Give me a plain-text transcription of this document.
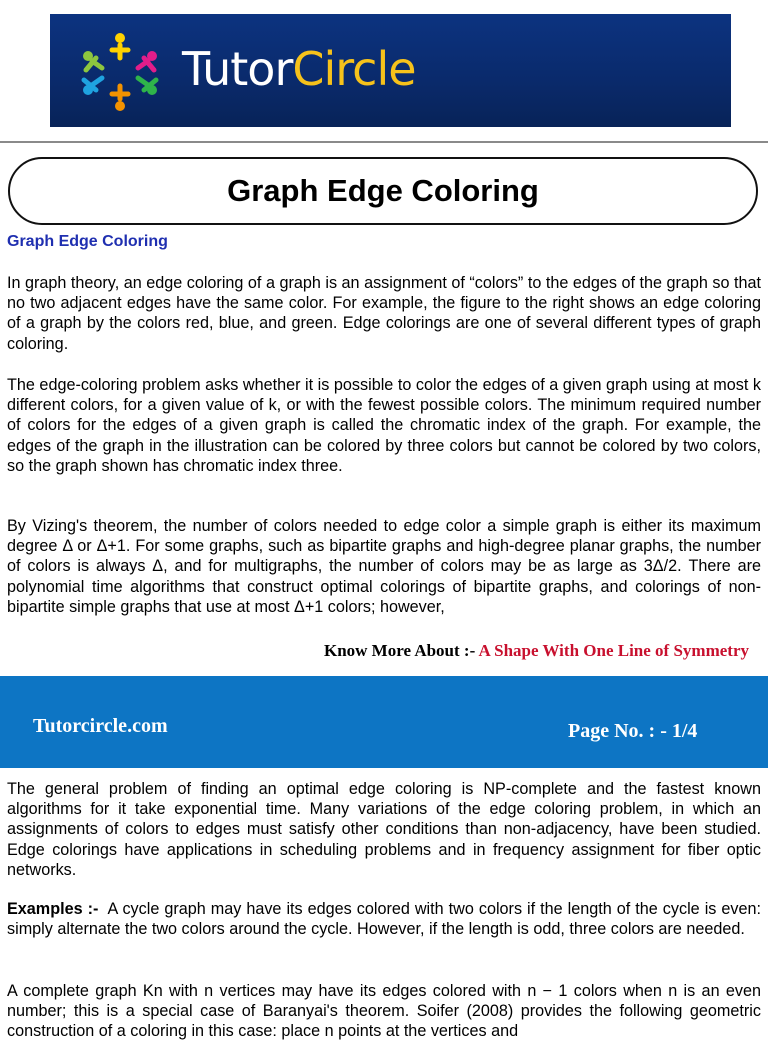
TutorCircle
Graph Edge Coloring
Graph Edge Coloring

In graph theory, an edge coloring of a graph is an assignment of “colors” to the edges of the graph so that no two adjacent edges have the same color. For example, the figure to the right shows an edge coloring of a graph by the colors red, blue, and green. Edge colorings are one of several different types of graph coloring.

The edge-coloring problem asks whether it is possible to color the edges of a given graph using at most k different colors, for a given value of k, or with the fewest possible colors. The minimum required number of colors for the edges of a given graph is called the chromatic index of the graph. For example, the edges of the graph in the illustration can be colored by three colors but cannot be colored by two colors, so the graph shown has chromatic index three.

By Vizing's theorem, the number of colors needed to edge color a simple graph is either its maximum degree Δ or Δ+1. For some graphs, such as bipartite graphs and high-degree planar graphs, the number of colors is always Δ, and for multigraphs, the number of colors may be as large as 3Δ/2. There are polynomial time algorithms that construct optimal colorings of bipartite graphs, and colorings of non-bipartite simple graphs that use at most Δ+1 colors; however,

Know More About :- A Shape With One Line of Symmetry
Tutorcircle.com	Page No. : - 1/4

The general problem of finding an optimal edge coloring is NP-complete and the fastest known algorithms for it take exponential time. Many variations of the edge coloring problem, in which an assignments of colors to edges must satisfy other conditions than non-adjacency, have been studied. Edge colorings have applications in scheduling problems and in frequency assignment for fiber optic networks.

Examples :- A cycle graph may have its edges colored with two colors if the length of the cycle is even: simply alternate the two colors around the cycle. However, if the length is odd, three colors are needed.

A complete graph Kn with n vertices may have its edges colored with n − 1 colors when n is an even number; this is a special case of Baranyai's theorem. Soifer (2008) provides the following geometric construction of a coloring in this case: place n points at the vertices and
